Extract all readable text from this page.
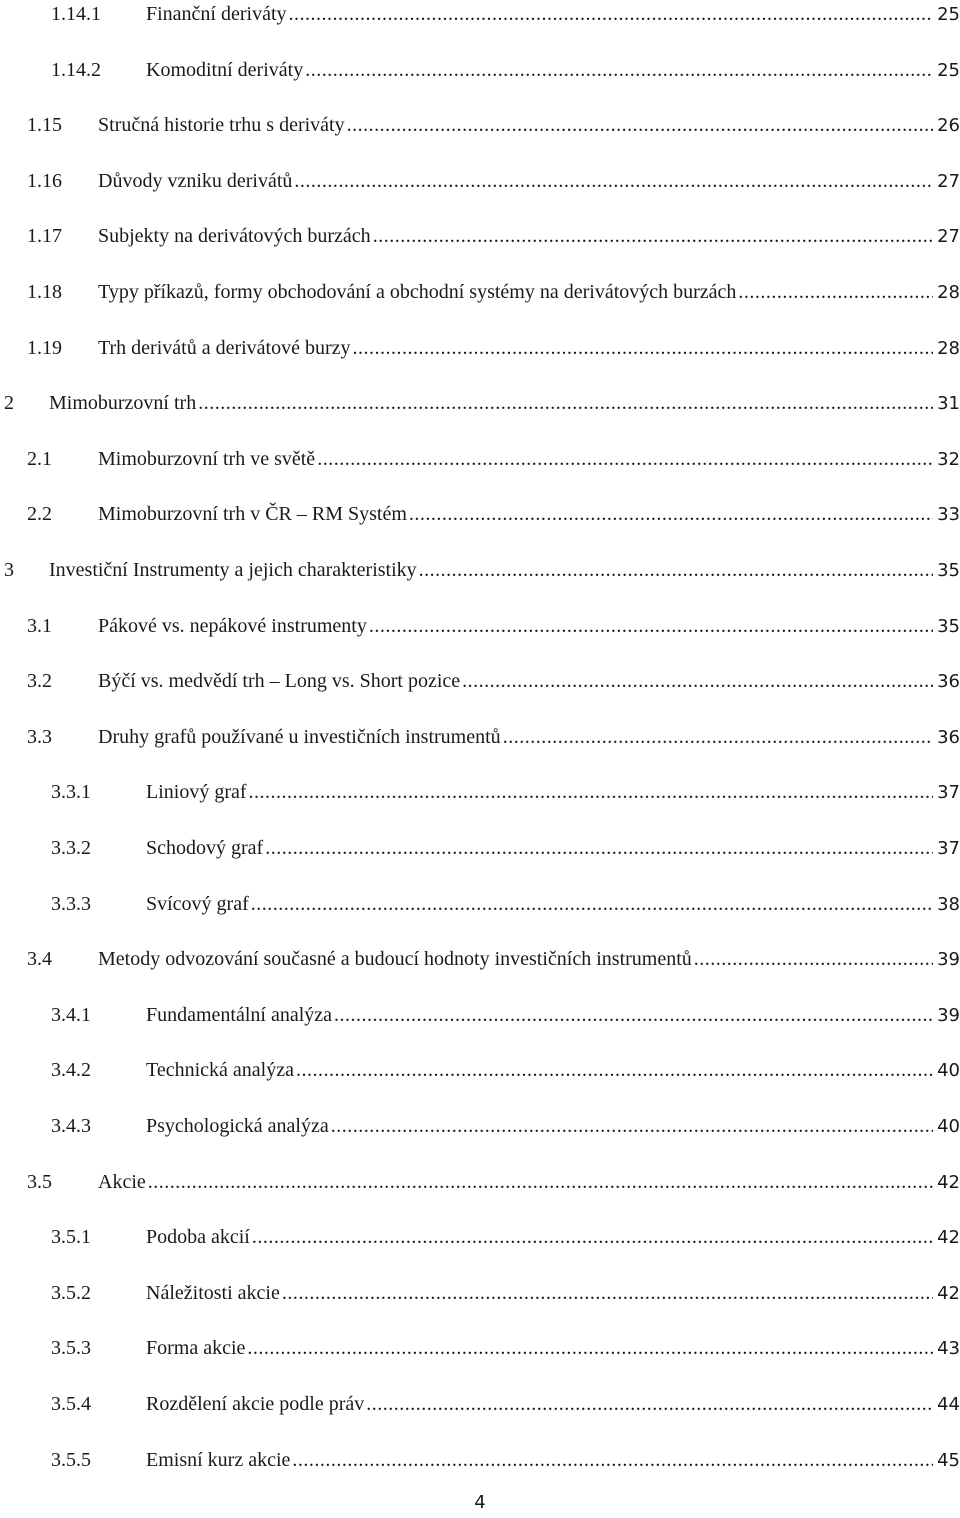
1.14.1 Finanční deriváty .....	25
1.14.2 Komoditní deriváty .....	25
1.15 Stručná historie trhu s deriváty .....	26
1.16 Důvody vzniku derivátů .....	27
1.17 Subjekty na derivátových burzách .....	27
1.18 Typy příkazů, formy obchodování a obchodní systémy na derivátových burzách .....	28
1.19 Trh derivátů a derivátové burzy .....	28
2 Mimoburzovní trh .....	31
2.1 Mimoburzovní trh ve světě .....	32
2.2 Mimoburzovní trh v ČR – RM Systém .....	33
3 Investiční Instrumenty a jejich charakteristiky .....	35
3.1 Pákové vs. nepákové instrumenty .....	35
3.2 Býčí vs. medvědí trh – Long vs. Short pozice .....	36
3.3 Druhy grafů používané u investičních instrumentů .....	36
3.3.1	Liniový graf .....	37
3.3.2	Schodový graf .....	37
3.3.3	Svícový graf .....	38
3.4 Metody odvozování současné a budoucí hodnoty investičních instrumentů .....	39
3.4.1	Fundamentální analýza .....	39
3.4.2	Technická analýza .....	40
3.4.3	Psychologická analýza .....	40
3.5 Akcie .....	42
3.5.1	Podoba akcií .....	42
3.5.2	Náležitosti akcie .....	42
3.5.3	Forma akcie .....	43
3.5.4	Rozdělení akcie podle práv .....	44
3.5.5	Emisní kurz akcie .....	45
4
